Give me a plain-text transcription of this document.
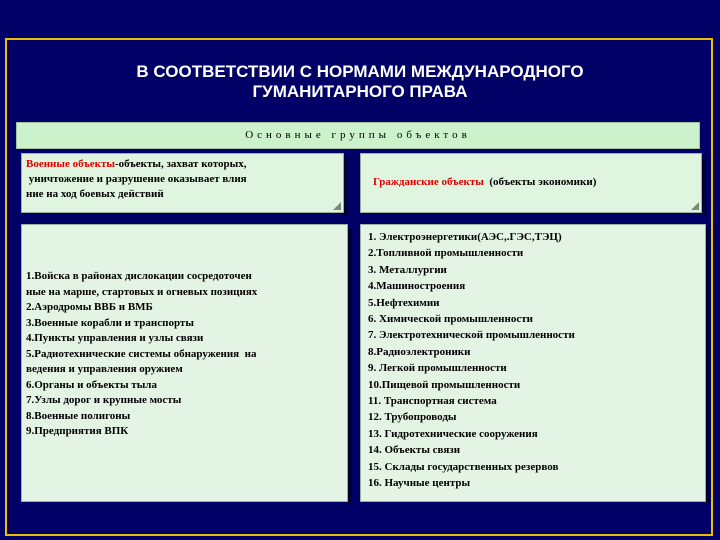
В СООТВЕТСТВИИ С НОРМАМИ МЕЖДУНАРОДНОГО
ГУМАНИТАРНОГО ПРАВА
Основные группы объектов
Военные объекты-объекты, захват которых,
уничтожение и разрушение оказывает влия
ние на ход боевых действий
Гражданские объекты  (объекты экономики)
1.Войска в районах дислокации сосредоточен
ные на марше, стартовых и огневых позициях
2.Аэродромы ВВБ и ВМБ
3.Военные корабли и транспорты
4.Пункты управления и узлы связи
5.Радиотехнические системы обнаружения  на
ведения и управления оружием
6.Органы и объекты тыла
7.Узлы дорог и крупные мосты
8.Военные полигоны
9.Предприятия ВПК
1. Электроэнергетики(АЭС,.ГЭС,ТЭЦ)
2.Топливной промышленности
3. Металлургии
4.Машиностроения
5.Нефтехимии
6. Химической промышленности
7. Электротехнической промышленности
8.Радиоэлектроники
9. Легкой промышленности
10.Пищевой промышленности
11. Транспортная система
12. Трубопроводы
13. Гидротехнические сооружения
14. Объекты связи
15. Склады государственных резервов
16. Научные центры
